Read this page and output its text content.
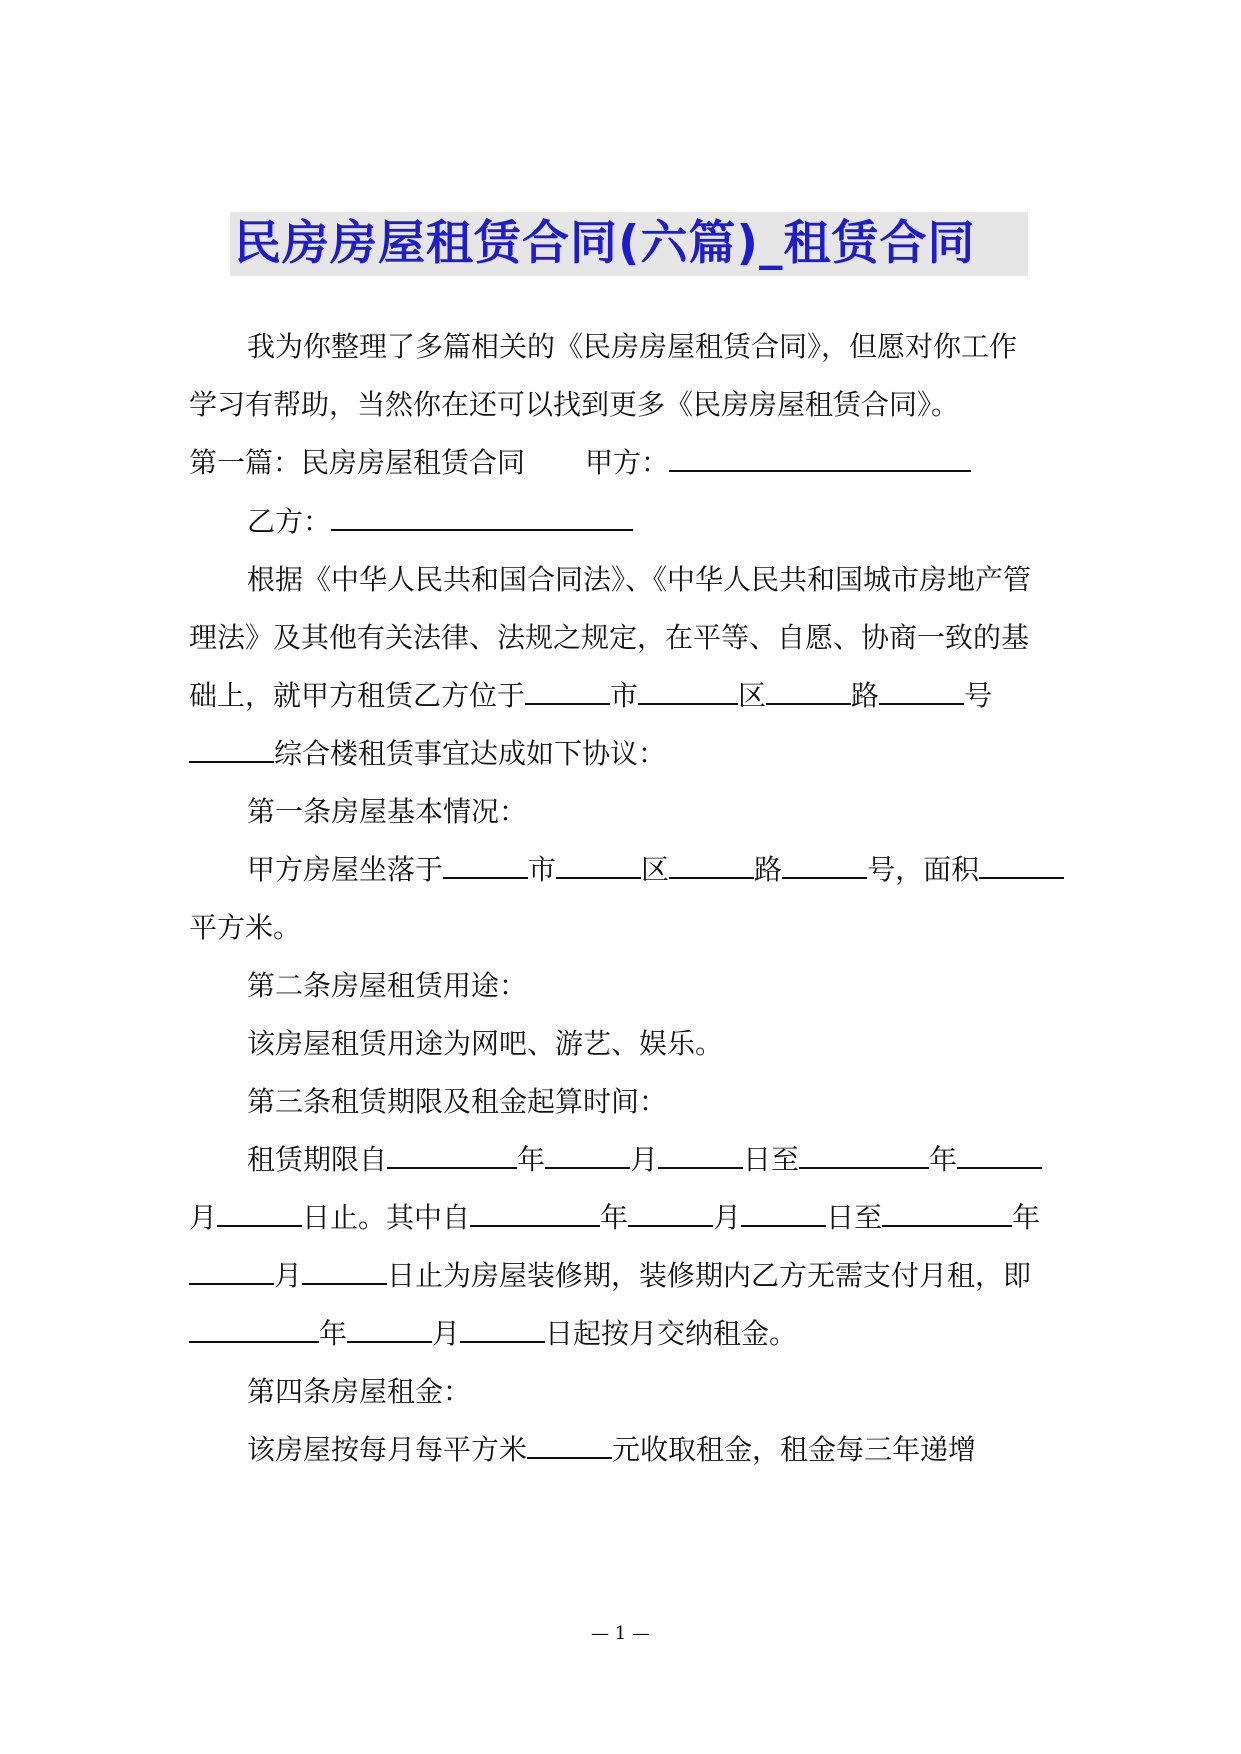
民房房屋租赁合同(六篇)_租赁合同
我为你整理了多篇相关的《民房房屋租赁合同》，但愿对你工作
学习有帮助，当然你在还可以找到更多《民房房屋租赁合同》。
第一篇：民房房屋租赁合同 甲方：
乙方：
根据《中华人民共和国合同法》、《中华人民共和国城市房地产管
理法》及其他有关法律、法规之规定，在平等、自愿、协商一致的基
础上，就甲方租赁乙方位于	市	区	路	号
综合楼租赁事宜达成如下协议：
第一条房屋基本情况：
甲方房屋坐落于	市	区	路	号，面积
平方米。
第二条房屋租赁用途：
该房屋租赁用途为网吧、游艺、娱乐。
第三条租赁期限及租金起算时间：
租赁期限自	年	月	日至	年
月	日止。其中自	年	月	日至	年
月	日止为房屋装修期，装修期内乙方无需支付月租，即
年	月	日起按月交纳租金。
第四条房屋租金：
该房屋按每月每平方米	元收取租金，租金每三年递增
— 1 —
